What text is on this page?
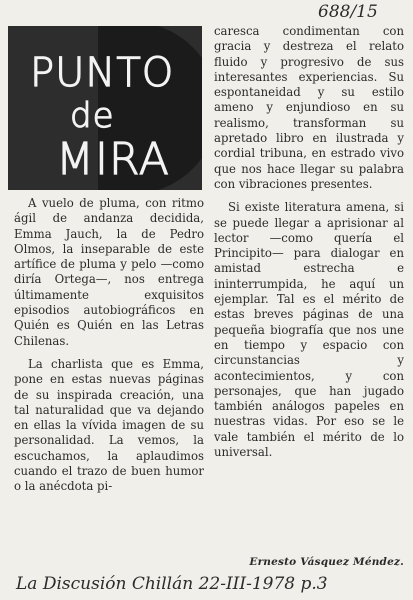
688/15
PUNTO
de
MIRA

A vuelo de pluma, con ritmo ágil de andanza decidida, Emma Jauch, la de Pedro Olmos, la inseparable de este artífice de pluma y pelo —como diría Ortega—, nos entrega últimamente exquisitos episodios autobiográficos en Quién es Quién en las Letras Chilenas.

La charlista que es Emma, pone en estas nuevas páginas de su inspirada creación, una tal naturalidad que va dejando en ellas la vívida imagen de su personalidad. La vemos, la escuchamos, la aplaudimos cuando el trazo de buen humor o la anécdota pi-

caresca condimentan con gracia y destreza el relato fluido y progresivo de sus interesantes experiencias. Su espontaneidad y su estilo ameno y enjundioso en su realismo, transforman su apretado libro en ilustrada y cordial tribuna, en estrado vivo que nos hace llegar su palabra con vibraciones presentes.

Si existe literatura amena, si se puede llegar a aprisionar al lector —como quería el Principito— para dialogar en amistad estrecha e ininterrumpida, he aquí un ejemplar. Tal es el mérito de estas breves páginas de una pequeña biografía que nos une en tiempo y espacio con circunstancias y acontecimientos, y con personajes, que han jugado también análogos papeles en nuestras vidas. Por eso se le vale también el mérito de lo universal.

Ernesto Vásquez Méndez.
La Discusión Chillán 22-III-1978 p.3
